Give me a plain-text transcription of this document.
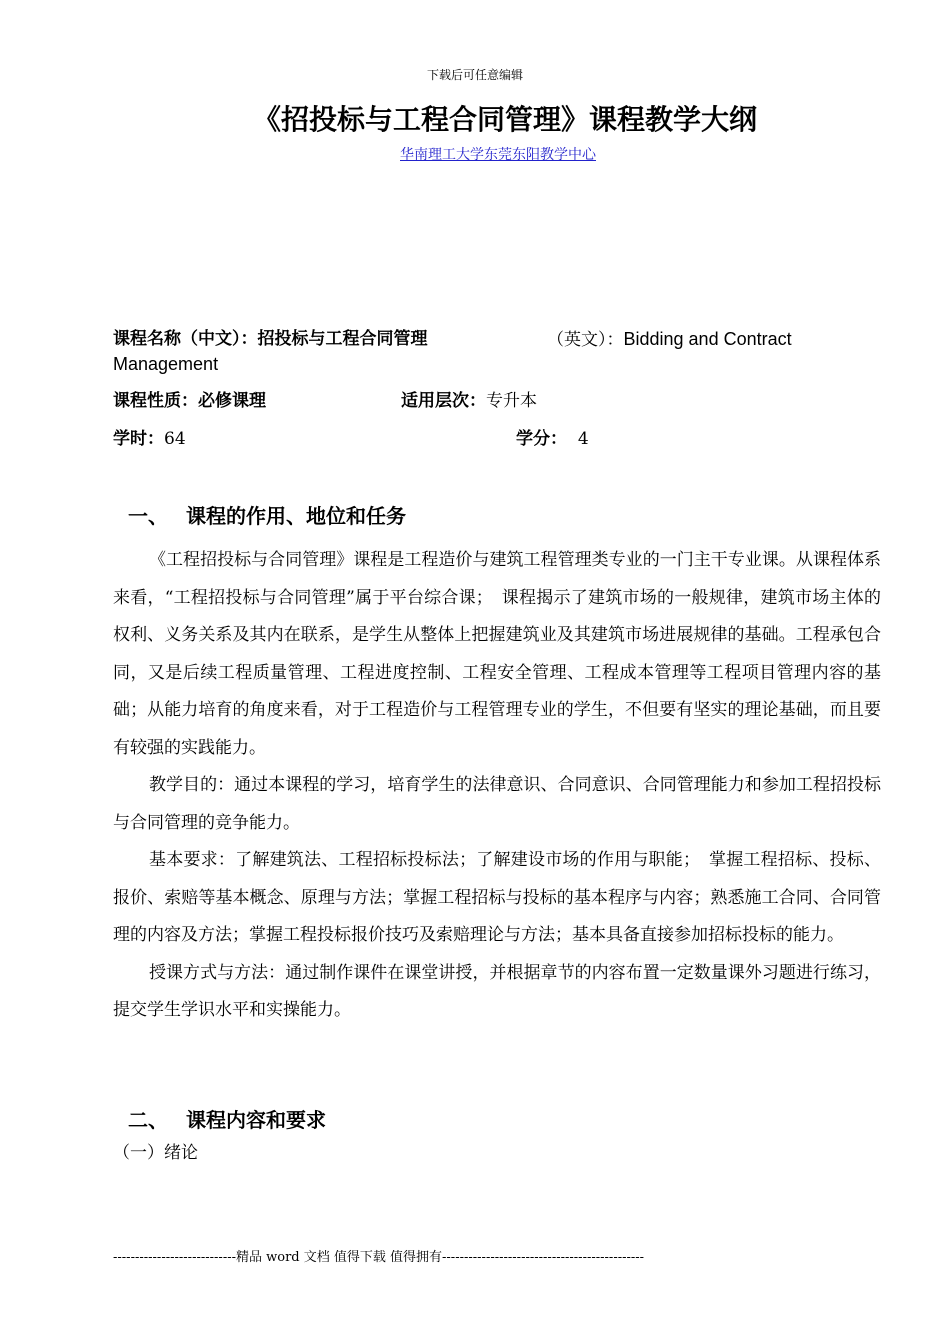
下载后可任意编辑
《招投标与工程合同管理》课程教学大纲
华南理工大学东莞东阳教学中心
课程名称（中文）：招投标与工程合同管理	（英文）：Bidding and Contract
Management
课程性质：必修课理	适用层次：专升本
学时：64	学分： 4
一、 课程的作用、地位和任务

《工程招投标与合同管理》课程是工程造价与建筑工程管理类专业的一门主干专业课。从课程体系来看，“工程招投标与合同管理”属于平台综合课；　课程揭示了建筑市场的一般规律，建筑市场主体的权利、义务关系及其内在联系，是学生从整体上把握建筑业及其建筑市场进展规律的基础。工程承包合同，又是后续工程质量管理、工程进度控制、工程安全管理、工程成本管理等工程项目管理内容的基础；从能力培育的角度来看，对于工程造价与工程管理专业的学生，不但要有坚实的理论基础，而且要有较强的实践能力。

教学目的：通过本课程的学习，培育学生的法律意识、合同意识、合同管理能力和参加工程招投标与合同管理的竞争能力。

基本要求：了解建筑法、工程招标投标法；了解建设市场的作用与职能；　掌握工程招标、投标、报价、索赔等基本概念、原理与方法；掌握工程招标与投标的基本程序与内容；熟悉施工合同、合同管理的内容及方法；掌握工程投标报价技巧及索赔理论与方法；基本具备直接参加招标投标的能力。

授课方式与方法：通过制作课件在课堂讲授，并根据章节的内容布置一定数量课外习题进行练习，提交学生学识水平和实操能力。

二、 课程内容和要求
（一）绪论
----------------------------精品 word 文档 值得下载 值得拥有----------------------------------------------
